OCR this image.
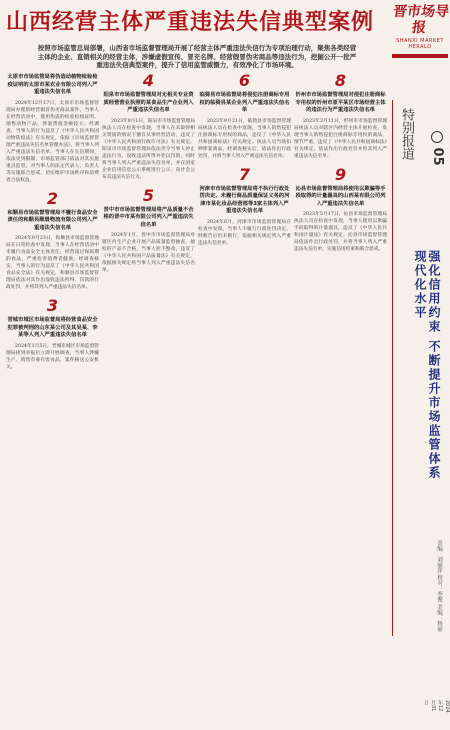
山西经营主体严重违法失信典型案例	晋市场导报
SHANXI MARKET HERALD
按照市场监管总局部署，山西省市场监督管理局开展了经营主体严重违法失信行为专项治理行动，聚焦各类经营主体的企业、直销相关的经营主体，涉嫌虚假宣传、冒充名牌、经营假冒伪劣商品等违法行为，挖掘公开一批严重违法失信典型案件，提升了信用监管威慑力，有效净化了市场环境。
太原市市场监管局将伪造动植物检验检疫证明的太原市某农业有限公司列入严重违法失信名单
2024年12月17日，太原市市场监督管理局办理的经营假冒伪劣商品案件，当事人在经营活动中，使用伪造的检验检疫证明，销售动物产品，涉案货值金额较大。经调查，当事人的行为违反了《中华人民共和国动物防疫法》有关规定，依据《市场监督管理严重违法失信名单管理办法》，将当事人列入严重违法失信名单。当事人在失信期间，依法受到限制，市场监管部门依法对其实施重点监管。对当事人的法定代表人、负责人等实施联合惩戒，切实维护市场秩序和消费者合法权益。
2
和顺县市场监督管理局不履行食品安全责任的和顺县顺晨物流有限公司列入严重违法失信名单
2024年9月23日，和顺县市场监督管理局在日常检查中发现，当事人在经营活动中未履行食品安全主体责任，经营超过保质期的食品，严重危害消费者健康。经调查核实，当事人的行为违反了《中华人民共和国食品安全法》有关规定，和顺县市场监督管理局依法对其作出没收违法所得、罚款的行政处罚，并将其列入严重违法失信名单。
3
晋城市城区市场监督局将经营食品安全犯罪被判刑的山东某公司及其吴某、李某等人列入严重违法失信名单
2024年1月5日，晋城市城区市场监督管理局接到举报后立即开展调查，当事人涉嫌生产、销售有毒有害食品，案件移送公安机关。
4
阳泉市市场监督管理局对无相关专业资质经营营业执照的某食品生产企业列入严重违法失信名单
2023年9月1日，阳泉市市场监督管理局执法人员在检查中发现，当事人在未取得相关资质的情况下擅自从事经营活动，违反了《中华人民共和国行政许可法》有关规定。阳泉市市场监督管理局依法责令当事人停止违法行为，没收违法所得并处以罚款，同时将当事人列入严重违法失信名单，并在国家企业信用信息公示系统进行公示，向社会公布其违法失信行为。
5
晋中市市场监督管理局将产品质量不合格的晋中市某有限公司列入严重违法失信名单
2024年1月，晋中市市场监督管理局对辖区内生产企业开展产品质量监督抽查，抽检的产品不合格，当事人拒不整改，违反了《中华人民共和国产品质量法》有关规定，依据相关规定将当事人列入严重违法失信名单。
6
临猗县市场监督局将侵犯注册商标专用权的临猗县某企业列入严重违法失信名单
2023年9月21日，临猗县市场监督管理局执法人员在检查中发现，当事人销售侵犯注册商标专用权的商品，违反了《中华人民共和国商标法》有关规定。执法人员当场扣押涉案商品，经调查核实后，依法作出行政处罚，并将当事人列入严重违法失信名单。
7
河津市市场监督管理局将不执行行政处罚决定、未履行商品质量保证义务的河津市某化妆品经营部等3家主体列入严重违法失信名单
2024年6月，河津市市场监督管理局在检查中发现，当事人不履行行政处罚决定，经催告后仍未履行，依据相关规定列入严重违法失信名单。
8
忻州市市场监督管理局对侵犯注册商标专用权的忻州市原平某区市场经营主体的违法行为严重违法失信名单
2023年3月11日，忻州市市场监督管理局执法人员对辖区内经营主体开展检查，发现当事人销售侵犯注册商标专用权的商品，情节严重，违反了《中华人民共和国商标法》有关规定，依法作出行政处罚并将其列入严重违法失信名单。
9
沁县市场监督管理局将使用以欺骗等手段取得的计量器具的山西某有限公司列入严重违法失信名单
2023年5月17日，沁县市场监督管理局执法人员在检查中发现，当事人使用以欺骗手段取得的计量器具，违反了《中华人民共和国计量法》有关规定。沁县市场监督管理局依法作出行政处罚，并将当事人列入严重违法失信名单，实施信用约束和联合惩戒。
特别报道	05
强化信用约束 不断提升市场监管体系现代化水平
责编：刘丽萍 校对：李俊 美编：杨丽
2024年12月31日
